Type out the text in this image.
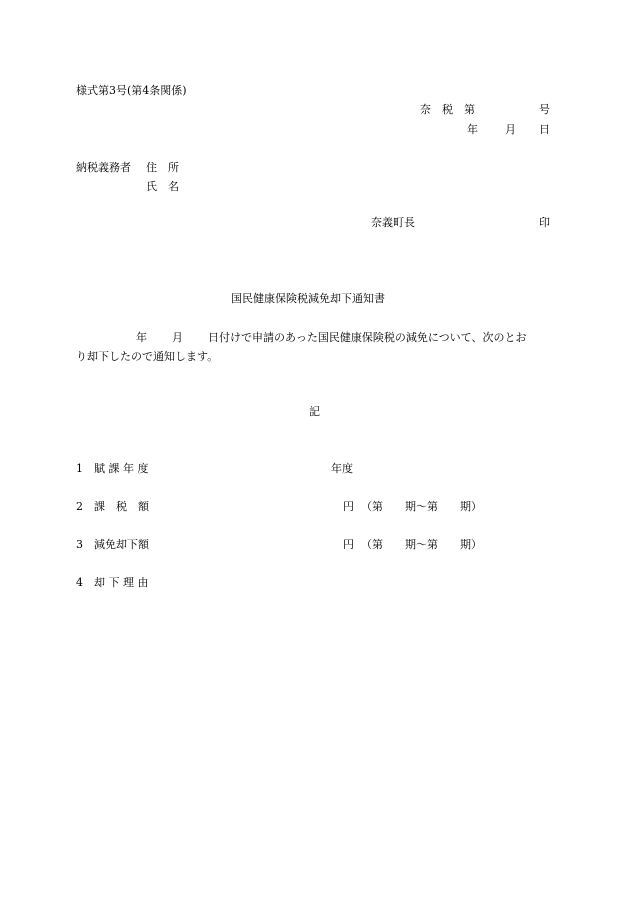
様式第3号(第4条関係)
奈　税　第	号
年 月 日
納税義務者 住　所
氏　名
奈義町長	印
国民健康保険税減免却下通知書
年 月 日付けで申請のあった国民健康保険税の減免について、次のとお
り却下したので通知します。
記
1 賦 課 年 度	年度
2 課　税　額	円 （第　　期～第　　期）
3 減免却下額	円 （第　　期～第　　期）
4 却 下 理 由
